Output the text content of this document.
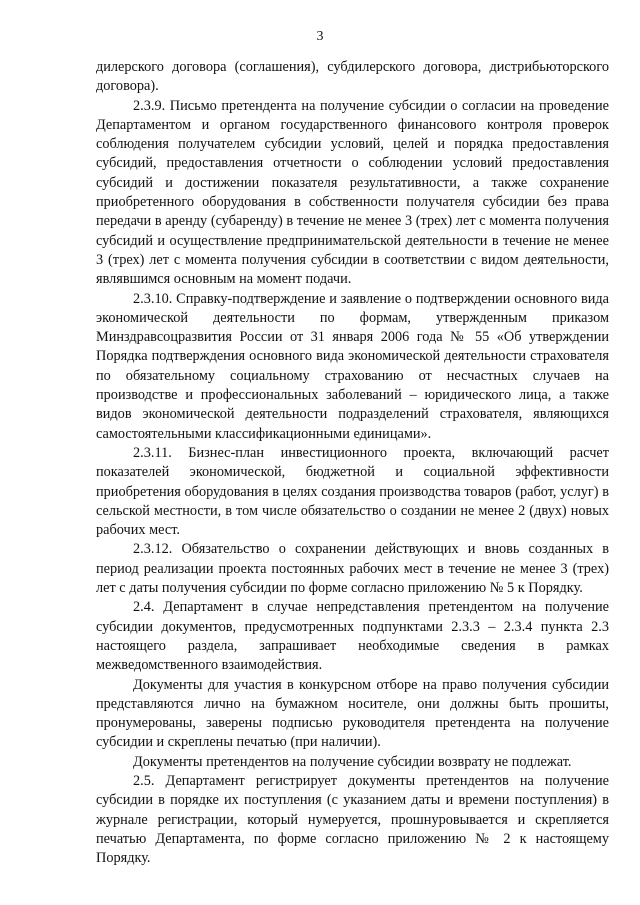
3

дилерского договора (соглашения), субдилерского договора, дистрибьюторского договора).

2.3.9. Письмо претендента на получение субсидии о согласии на проведение Департаментом и органом государственного финансового контроля проверок соблюдения получателем субсидии условий, целей и порядка предоставления субсидий, предоставления отчетности о соблюдении условий предоставления субсидий и достижении показателя результативности, а также сохранение приобретенного оборудования в собственности получателя субсидии без права передачи в аренду (субаренду) в течение не менее 3 (трех) лет с момента получения субсидий и осуществление предпринимательской деятельности в течение не менее 3 (трех) лет с момента получения субсидии в соответствии с видом деятельности, являвшимся основным на момент подачи.

2.3.10. Справку-подтверждение и заявление о подтверждении основного вида экономической деятельности по формам, утвержденным приказом Минздравсоцразвития России от 31 января 2006 года № 55 «Об утверждении Порядка подтверждения основного вида экономической деятельности страхователя по обязательному социальному страхованию от несчастных случаев на производстве и профессиональных заболеваний – юридического лица, а также видов экономической деятельности подразделений страхователя, являющихся самостоятельными классификационными единицами».

2.3.11. Бизнес-план инвестиционного проекта, включающий расчет показателей экономической, бюджетной и социальной эффективности приобретения оборудования в целях создания производства товаров (работ, услуг) в сельской местности, в том числе обязательство о создании не менее 2 (двух) новых рабочих мест.

2.3.12. Обязательство о сохранении действующих и вновь созданных в период реализации проекта постоянных рабочих мест в течение не менее 3 (трех) лет с даты получения субсидии по форме согласно приложению № 5 к Порядку.

2.4. Департамент в случае непредставления претендентом на получение субсидии документов, предусмотренных подпунктами 2.3.3 – 2.3.4 пункта 2.3 настоящего раздела, запрашивает необходимые сведения в рамках межведомственного взаимодействия.

Документы для участия в конкурсном отборе на право получения субсидии представляются лично на бумажном носителе, они должны быть прошиты, пронумерованы, заверены подписью руководителя претендента на получение субсидии и скреплены печатью (при наличии).

Документы претендентов на получение субсидии возврату не подлежат.

2.5. Департамент регистрирует документы претендентов на получение субсидии в порядке их поступления (с указанием даты и времени поступления) в журнале регистрации, который нумеруется, прошнуровывается и скрепляется печатью Департамента, по форме согласно приложению № 2 к настоящему Порядку.
